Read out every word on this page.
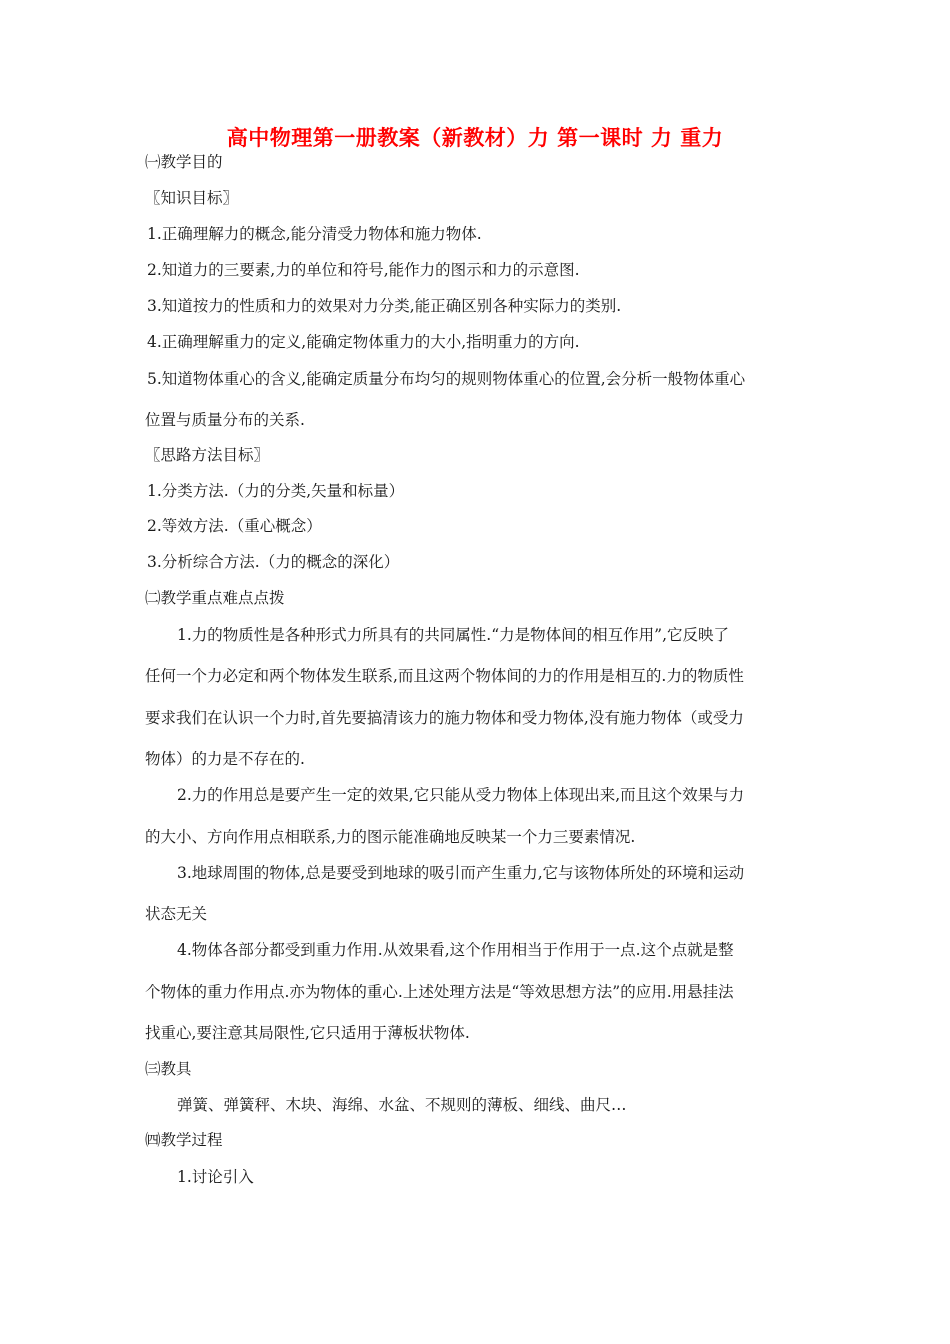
高中物理第一册教案（新教材）力 第一课时 力 重力
㈠教学目的
〖知识目标〗
1.正确理解力的概念,能分清受力物体和施力物体.
2.知道力的三要素,力的单位和符号,能作力的图示和力的示意图.
3.知道按力的性质和力的效果对力分类,能正确区别各种实际力的类别.
4.正确理解重力的定义,能确定物体重力的大小,指明重力的方向.
5.知道物体重心的含义,能确定质量分布均匀的规则物体重心的位置,会分析一般物体重心
位置与质量分布的关系.
〖思路方法目标〗
1.分类方法.（力的分类,矢量和标量）
2.等效方法.（重心概念）
3.分析综合方法.（力的概念的深化）
㈡教学重点难点点拨
1.力的物质性是各种形式力所具有的共同属性.“力是物体间的相互作用”,它反映了
任何一个力必定和两个物体发生联系,而且这两个物体间的力的作用是相互的.力的物质性
要求我们在认识一个力时,首先要搞清该力的施力物体和受力物体,没有施力物体（或受力
物体）的力是不存在的.
2.力的作用总是要产生一定的效果,它只能从受力物体上体现出来,而且这个效果与力
的大小、方向作用点相联系,力的图示能准确地反映某一个力三要素情况.
3.地球周围的物体,总是要受到地球的吸引而产生重力,它与该物体所处的环境和运动
状态无关
4.物体各部分都受到重力作用.从效果看,这个作用相当于作用于一点.这个点就是整
个物体的重力作用点.亦为物体的重心.上述处理方法是“等效思想方法”的应用.用悬挂法
找重心,要注意其局限性,它只适用于薄板状物体.
㈢教具
弹簧、弹簧秤、木块、海绵、水盆、不规则的薄板、细线、曲尺…
㈣教学过程
1.讨论引入
